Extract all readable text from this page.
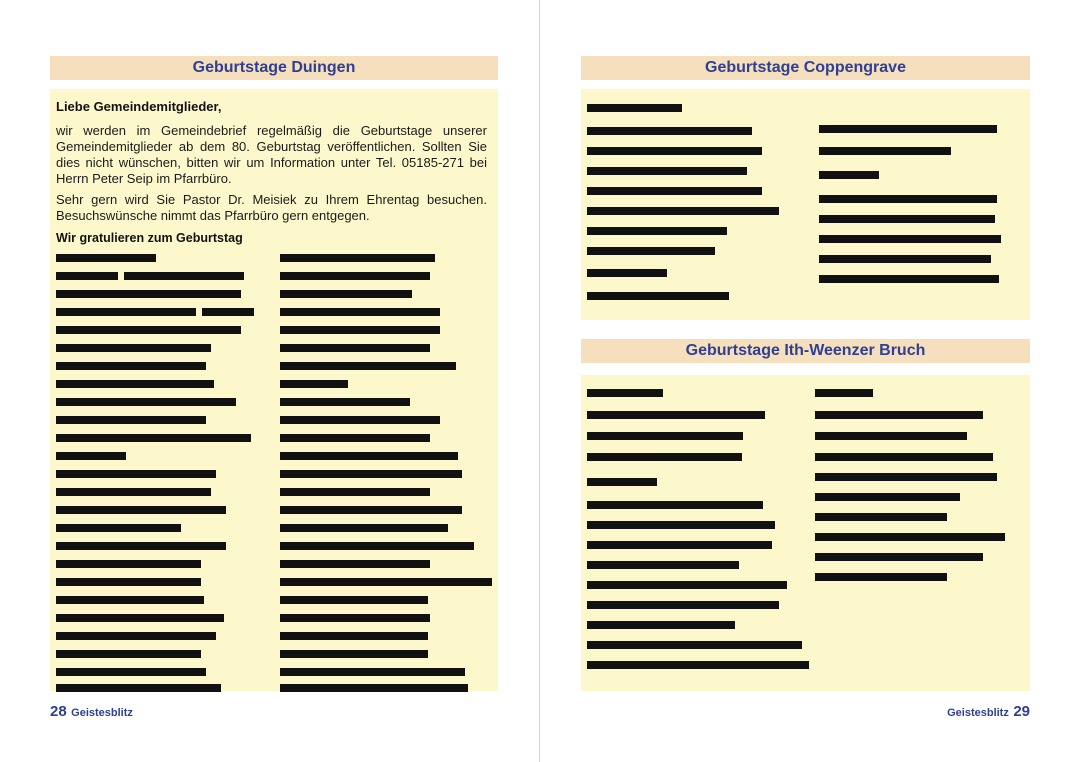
Geburtstage Duingen
Liebe Gemeindemitglieder,

wir werden im Gemeindebrief regelmäßig die Geburtstage unserer Gemeindemitglieder ab dem 80. Geburtstag veröffentlichen. Sollten Sie dies nicht wünschen, bitten wir um Information unter Tel. 05185-271 bei Herrn Peter Seip im Pfarrbüro.

Sehr gern wird Sie Pastor Dr. Meisiek zu Ihrem Ehrentag besuchen. Besuchswünsche nimmt das Pfarrbüro gern entgegen.

Wir gratulieren zum Geburtstag
28 Geistesblitz
Geburtstage Coppengrave
Geburtstage Ith-Weenzer Bruch
Geistesblitz 29
